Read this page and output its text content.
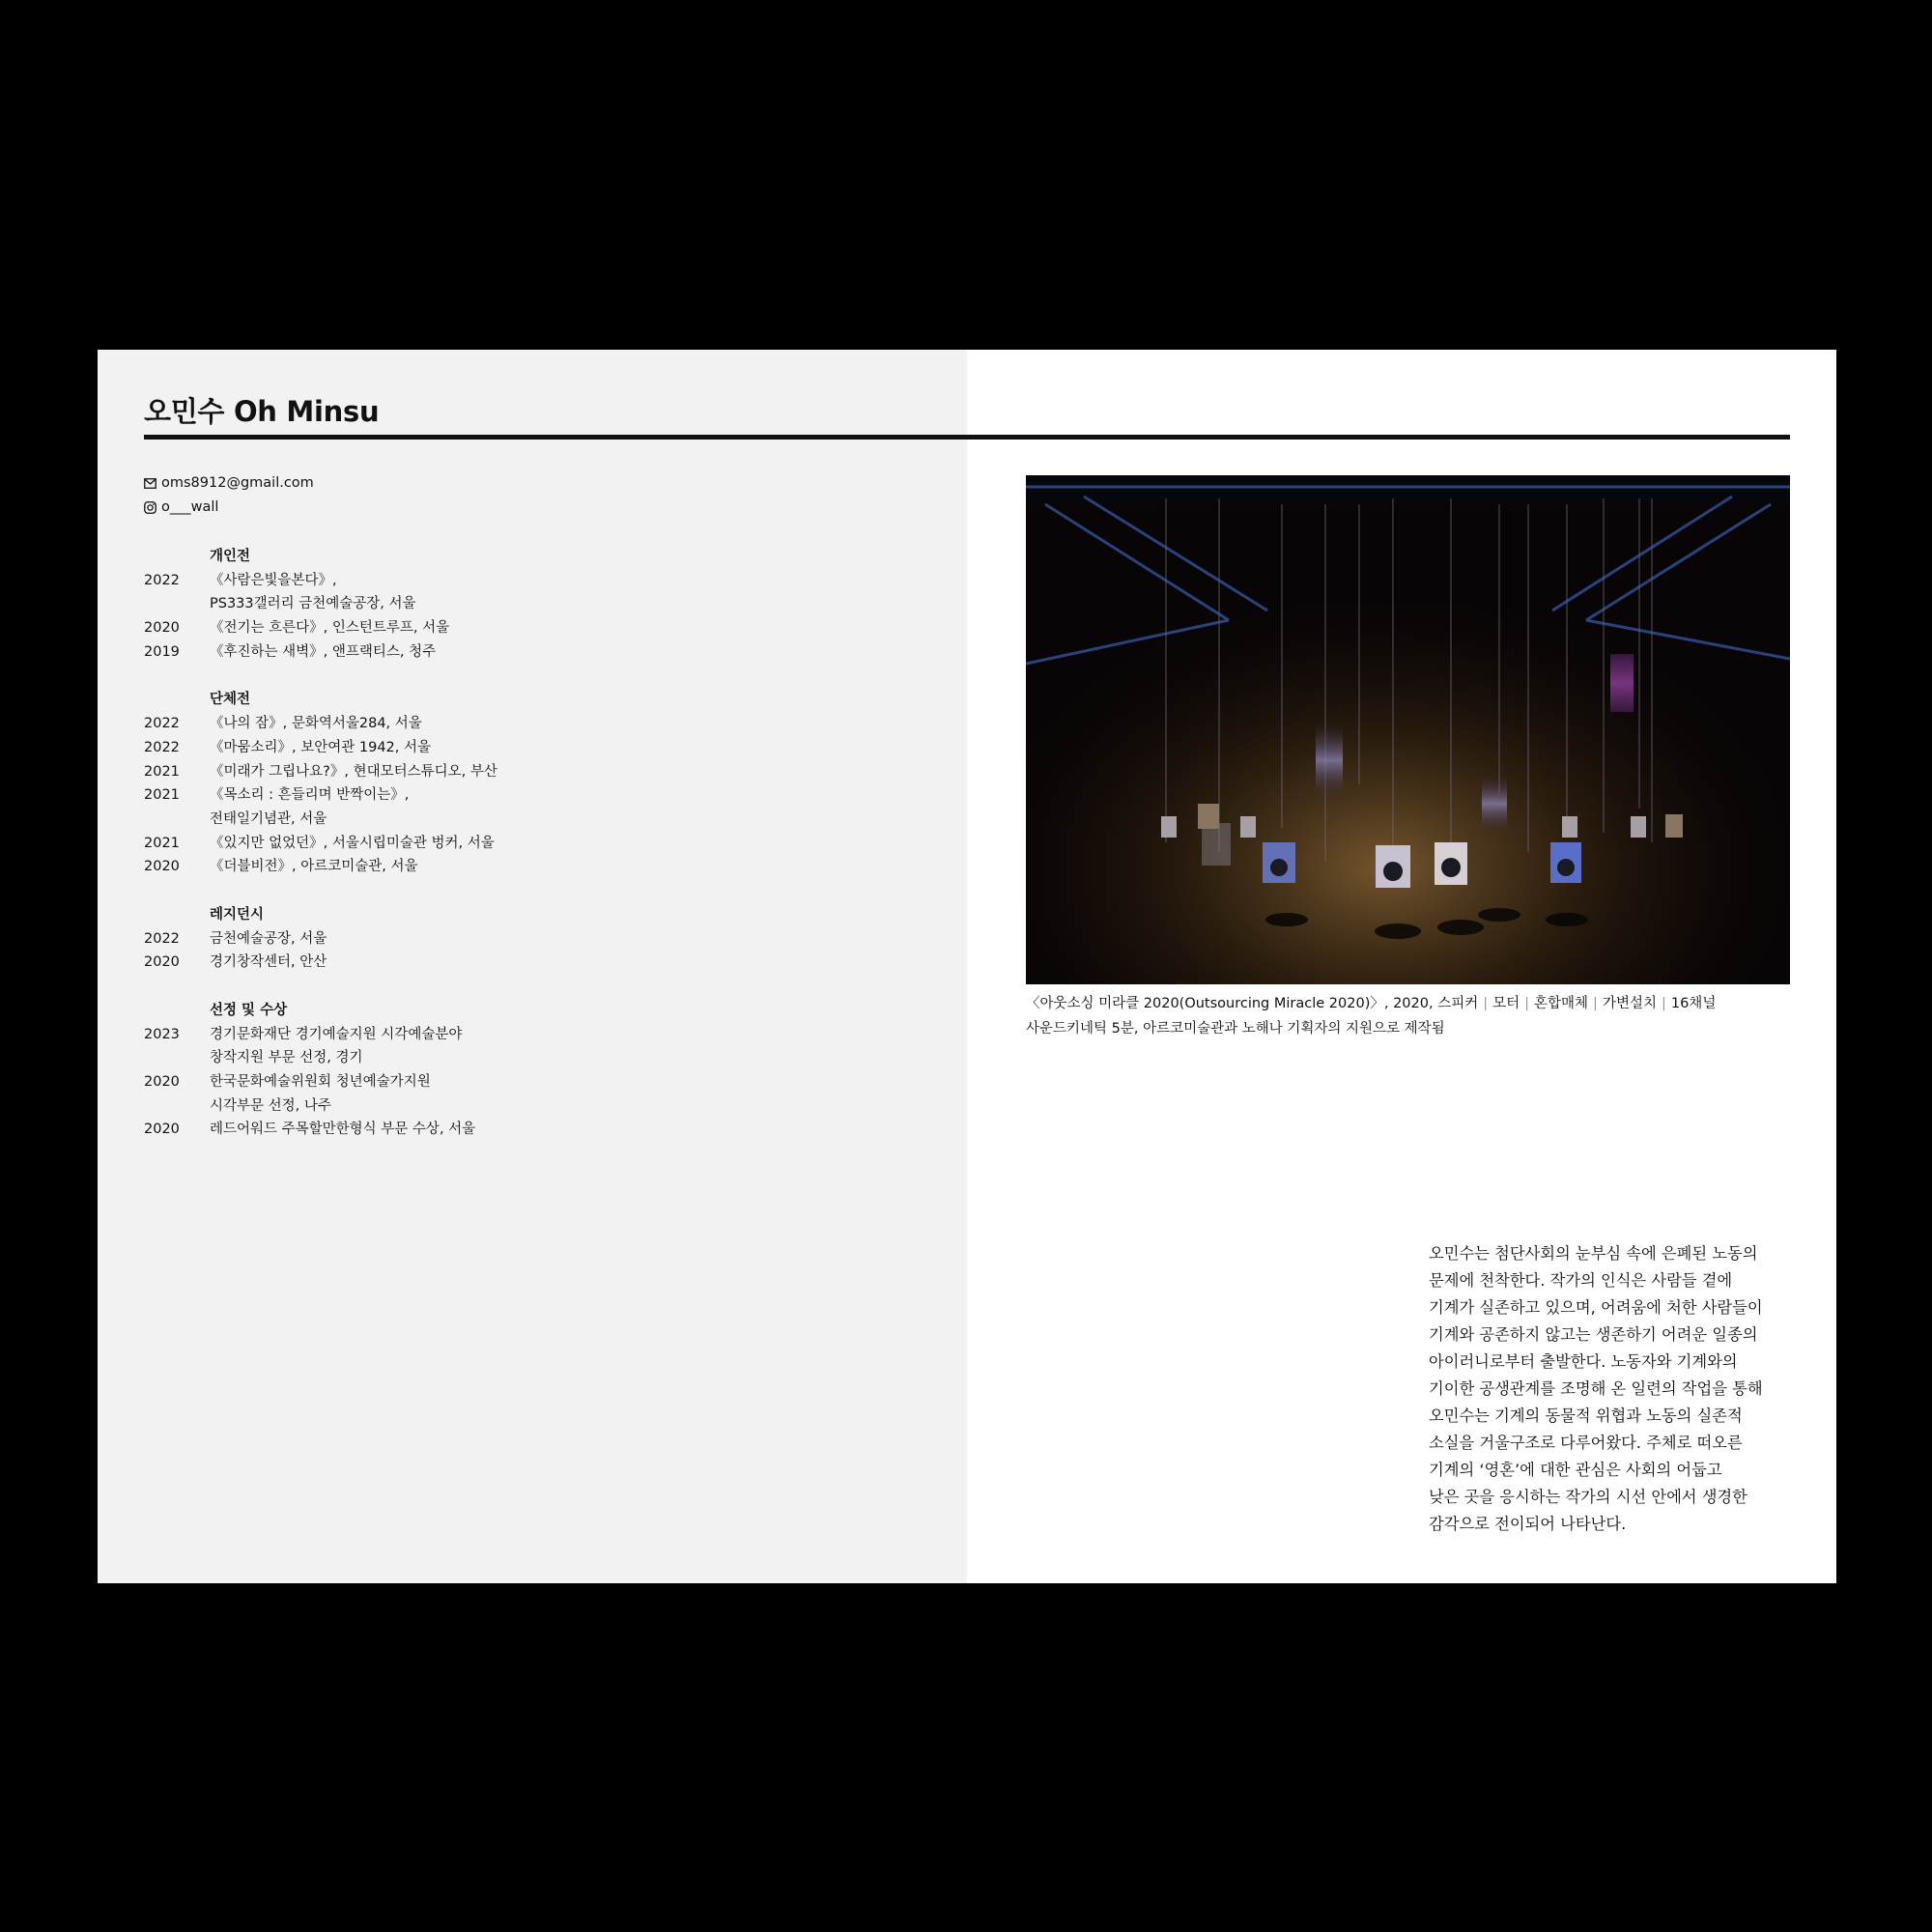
오민수 Oh Minsu
oms8912@gmail.com
o___wall
개인전
2022	《사람은빛을본다》,
PS333갤러리 금천예술공장, 서울
2020	《전기는 흐른다》, 인스턴트루프, 서울
2019	《후진하는 새벽》, 앤프랙티스, 청주
단체전
2022	《나의 잠》, 문화역서울284, 서울
2022	《마뭄소리》, 보안여관 1942, 서울
2021	《미래가 그립나요?》, 현대모터스튜디오, 부산
2021	《목소리 : 흔들리며 반짝이는》,
전태일기념관, 서울
2021	《있지만 없었던》, 서울시립미술관 벙커, 서울
2020	《더블비전》, 아르코미술관, 서울
레지던시
2022	금천예술공장, 서울
2020	경기창작센터, 안산
선정 및 수상
2023	경기문화재단 경기예술지원 시각예술분야
창작지원 부문 선정, 경기
2020	한국문화예술위원회 청년예술가지원
시각부문 선정, 나주
2020	레드어워드 주목할만한형식 부문 수상, 서울
〈아웃소싱 미라클 2020(Outsourcing Miracle 2020)〉, 2020, 스피커 | 모터 | 혼합매체 | 가변설치 | 16채널
사운드키네틱 5분, 아르코미술관과 노해나 기획자의 지원으로 제작됨
오민수는 첨단사회의 눈부심 속에 은폐된 노동의
문제에 천착한다. 작가의 인식은 사람들 곁에
기계가 실존하고 있으며, 어려움에 처한 사람들이
기계와 공존하지 않고는 생존하기 어려운 일종의
아이러니로부터 출발한다. 노동자와 기계와의
기이한 공생관계를 조명해 온 일련의 작업을 통해
오민수는 기계의 동물적 위협과 노동의 실존적
소실을 거울구조로 다루어왔다. 주체로 떠오른
기계의 ‘영혼’에 대한 관심은 사회의 어둡고
낮은 곳을 응시하는 작가의 시선 안에서 생경한
감각으로 전이되어 나타난다.
